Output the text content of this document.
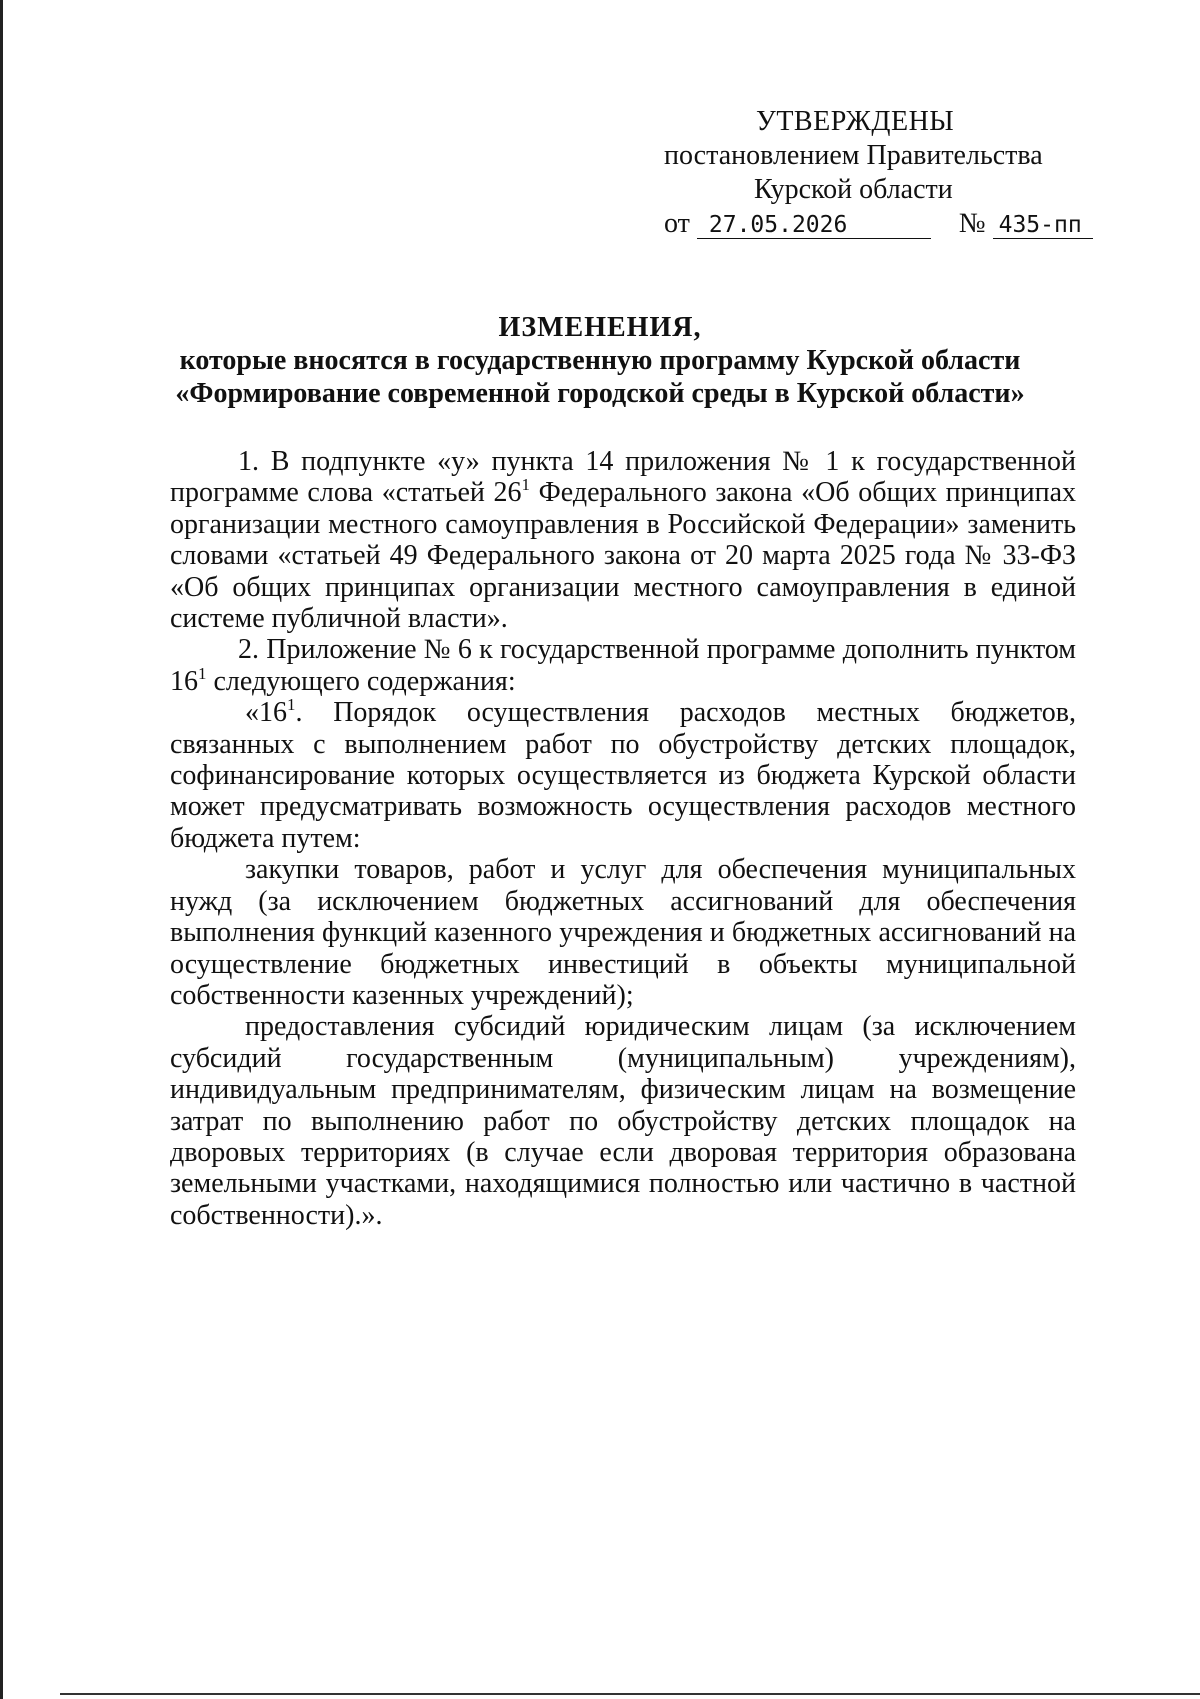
УТВЕРЖДЕНЫ
постановлением Правительства
Курской области
от 27.05.2026	№ 435-пп
ИЗМЕНЕНИЯ,
которые вносятся в государственную программу Курской области
«Формирование современной городской среды в Курской области»

1. В подпункте «у» пункта 14 приложения № 1 к государственной программе слова «статьей $26^1$ Федерального закона «Об общих принципах организации местного самоуправления в Российской Федерации» заменить словами «статьей 49 Федерального закона от 20 марта 2025 года № 33-ФЗ «Об общих принципах организации местного самоуправления в единой системе публичной власти».

2. Приложение № 6 к государственной программе дополнить пунктом $16^1$ следующего содержания:

«$16^1$. Порядок осуществления расходов местных бюджетов, связанных с выполнением работ по обустройству детских площадок, софинансирование которых осуществляется из бюджета Курской области может предусматривать возможность осуществления расходов местного бюджета путем:

закупки товаров, работ и услуг для обеспечения муниципальных нужд (за исключением бюджетных ассигнований для обеспечения выполнения функций казенного учреждения и бюджетных ассигнований на осуществление бюджетных инвестиций в объекты муниципальной собственности казенных учреждений);

предоставления субсидий юридическим лицам (за исключением субсидий государственным (муниципальным) учреждениям), индивидуальным предпринимателям, физическим лицам на возмещение затрат по выполнению работ по обустройству детских площадок на дворовых территориях (в случае если дворовая территория образована земельными участками, находящимися полностью или частично в частной собственности).».
